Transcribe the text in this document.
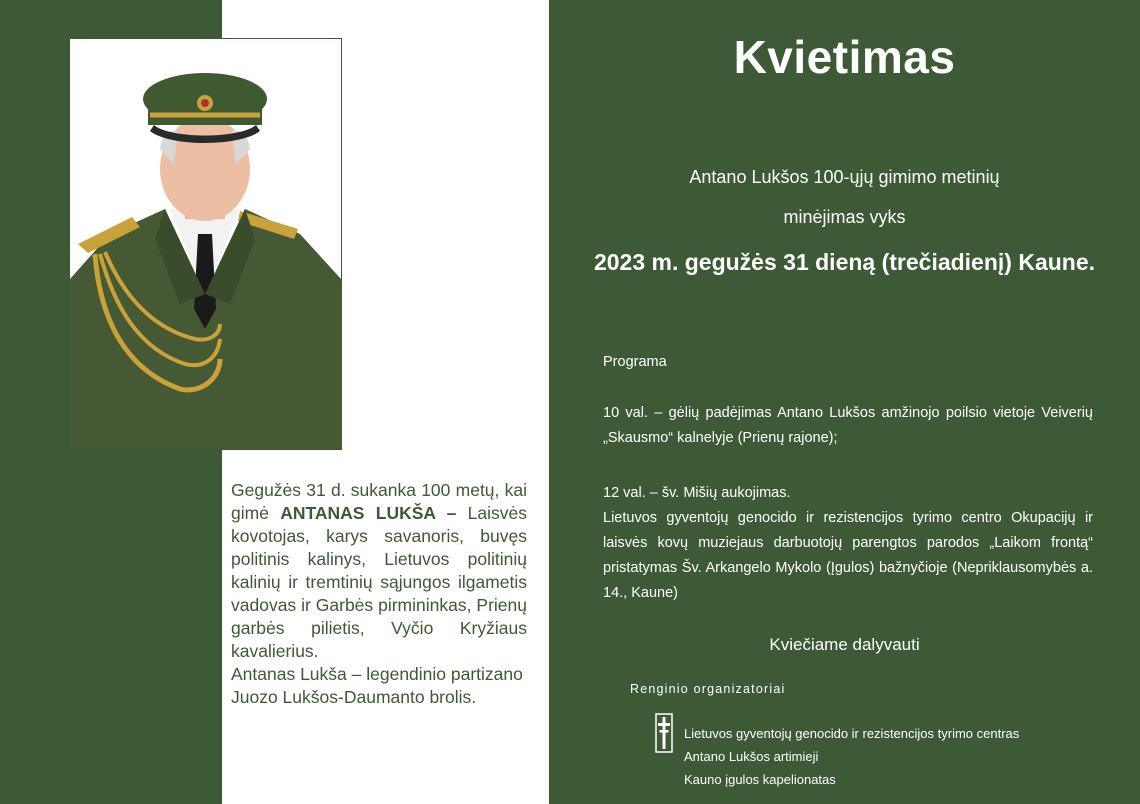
Gegužės 31 d. sukanka 100 metų, kai gimė ANTANAS LUKŠA – Laisvės kovotojas, karys savanoris, buvęs politinis kalinys, Lietuvos politinių kalinių ir tremtinių sąjungos ilgametis vadovas ir Garbės pirmininkas, Prienų garbės pilietis, Vyčio Kryžiaus kavalierius.

Antanas Lukša – legendinio partizano Juozo Lukšos-Daumanto brolis.

Kvietimas
Antano Lukšos 100-ųjų gimimo metinių
minėjimas vyks
2023 m. gegužės 31 dieną (trečiadienį) Kaune.
Programa

10 val. – gėlių padėjimas Antano Lukšos amžinojo poilsio vietoje Veiverių „Skausmo“ kalnelyje (Prienų rajone);

12 val. – šv. Mišių aukojimas.

Lietuvos gyventojų genocido ir rezistencijos tyrimo centro Okupacijų ir laisvės kovų muziejaus darbuotojų parengtos parodos „Laikom frontą“ pristatymas Šv. Arkangelo Mykolo (Įgulos) bažnyčioje (Nepriklausomybės a. 14., Kaune)

Kviečiame dalyvauti
Renginio organizatoriai
Lietuvos gyventojų genocido ir rezistencijos tyrimo centras
Antano Lukšos artimieji
Kauno įgulos kapelionatas
